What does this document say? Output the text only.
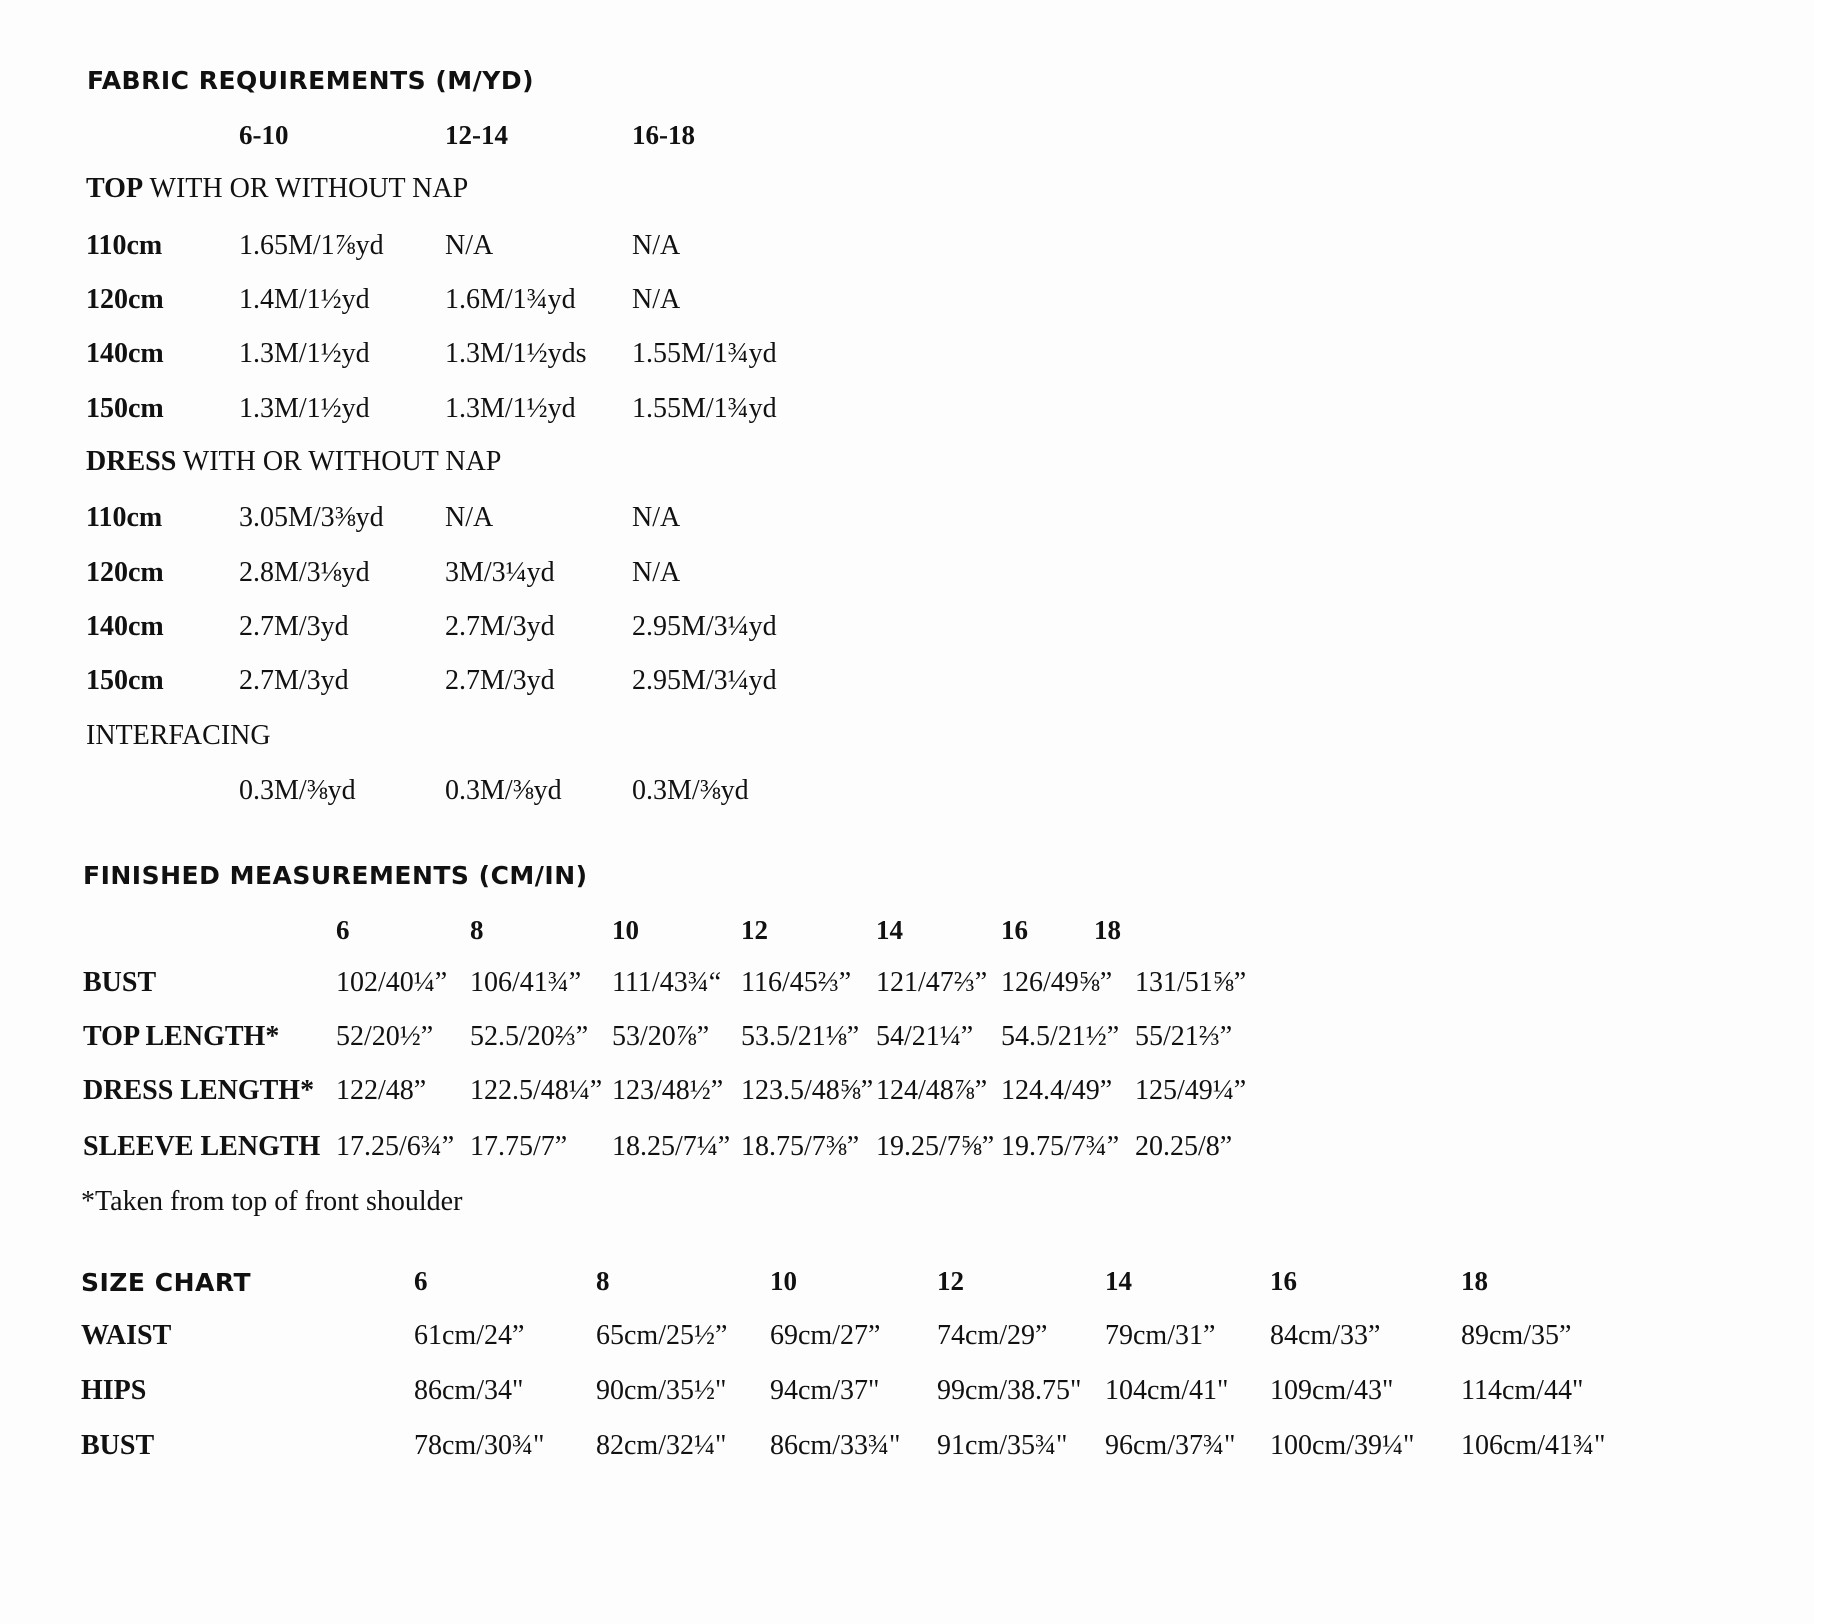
FABRIC REQUIREMENTS (M/YD)
6-10	12-14	16-18
TOP WITH OR WITHOUT NAP
110cm	1.65M/1⅞yd N/A	N/A
120cm	1.4M/1½yd	1.6M/1¾yd N/A
140cm	1.3M/1½yd	1.3M/1½yds 1.55M/1¾yd
150cm	1.3M/1½yd	1.3M/1½yd 1.55M/1¾yd
DRESS WITH OR WITHOUT NAP
110cm	3.05M/3⅜yd N/A	N/A
120cm	2.8M/3⅛yd	3M/3¼yd	N/A
140cm	2.7M/3yd	2.7M/3yd	2.95M/3¼yd
150cm	2.7M/3yd	2.7M/3yd	2.95M/3¼yd
INTERFACING
0.3M/⅜yd	0.3M/⅜yd	0.3M/⅜yd
FINISHED MEASUREMENTS (CM/IN)
6	8	10	12	14	16 18
BUST	102/40¼” 106/41¾” 111/43¾“ 116/45⅔” 121/47⅔” 126/49⅝” 131/51⅝”
TOP LENGTH* 52/20½” 52.5/20⅔” 53/20⅞” 53.5/21⅛” 54/21¼” 54.5/21½” 55/21⅔”
DRESS LENGTH* 122/48” 122.5/48¼” 123/48½” 123.5/48⅝” 124/48⅞” 124.4/49” 125/49¼”
SLEEVE LENGTH 17.25/6¾” 17.75/7” 18.25/7¼” 18.75/7⅜” 19.25/7⅝” 19.75/7¾” 20.25/8”
*Taken from top of front shoulder
SIZE CHART	6	8	10	12	14	16	18
WAIST	61cm/24”	65cm/25½” 69cm/27” 74cm/29” 79cm/31” 84cm/33”	89cm/35”
HIPS	86cm/34"	90cm/35½" 94cm/37" 99cm/38.75" 104cm/41" 109cm/43" 114cm/44"
BUST	78cm/30¾" 82cm/32¼" 86cm/33¾" 91cm/35¾" 96cm/37¾" 100cm/39¼" 106cm/41¾"
